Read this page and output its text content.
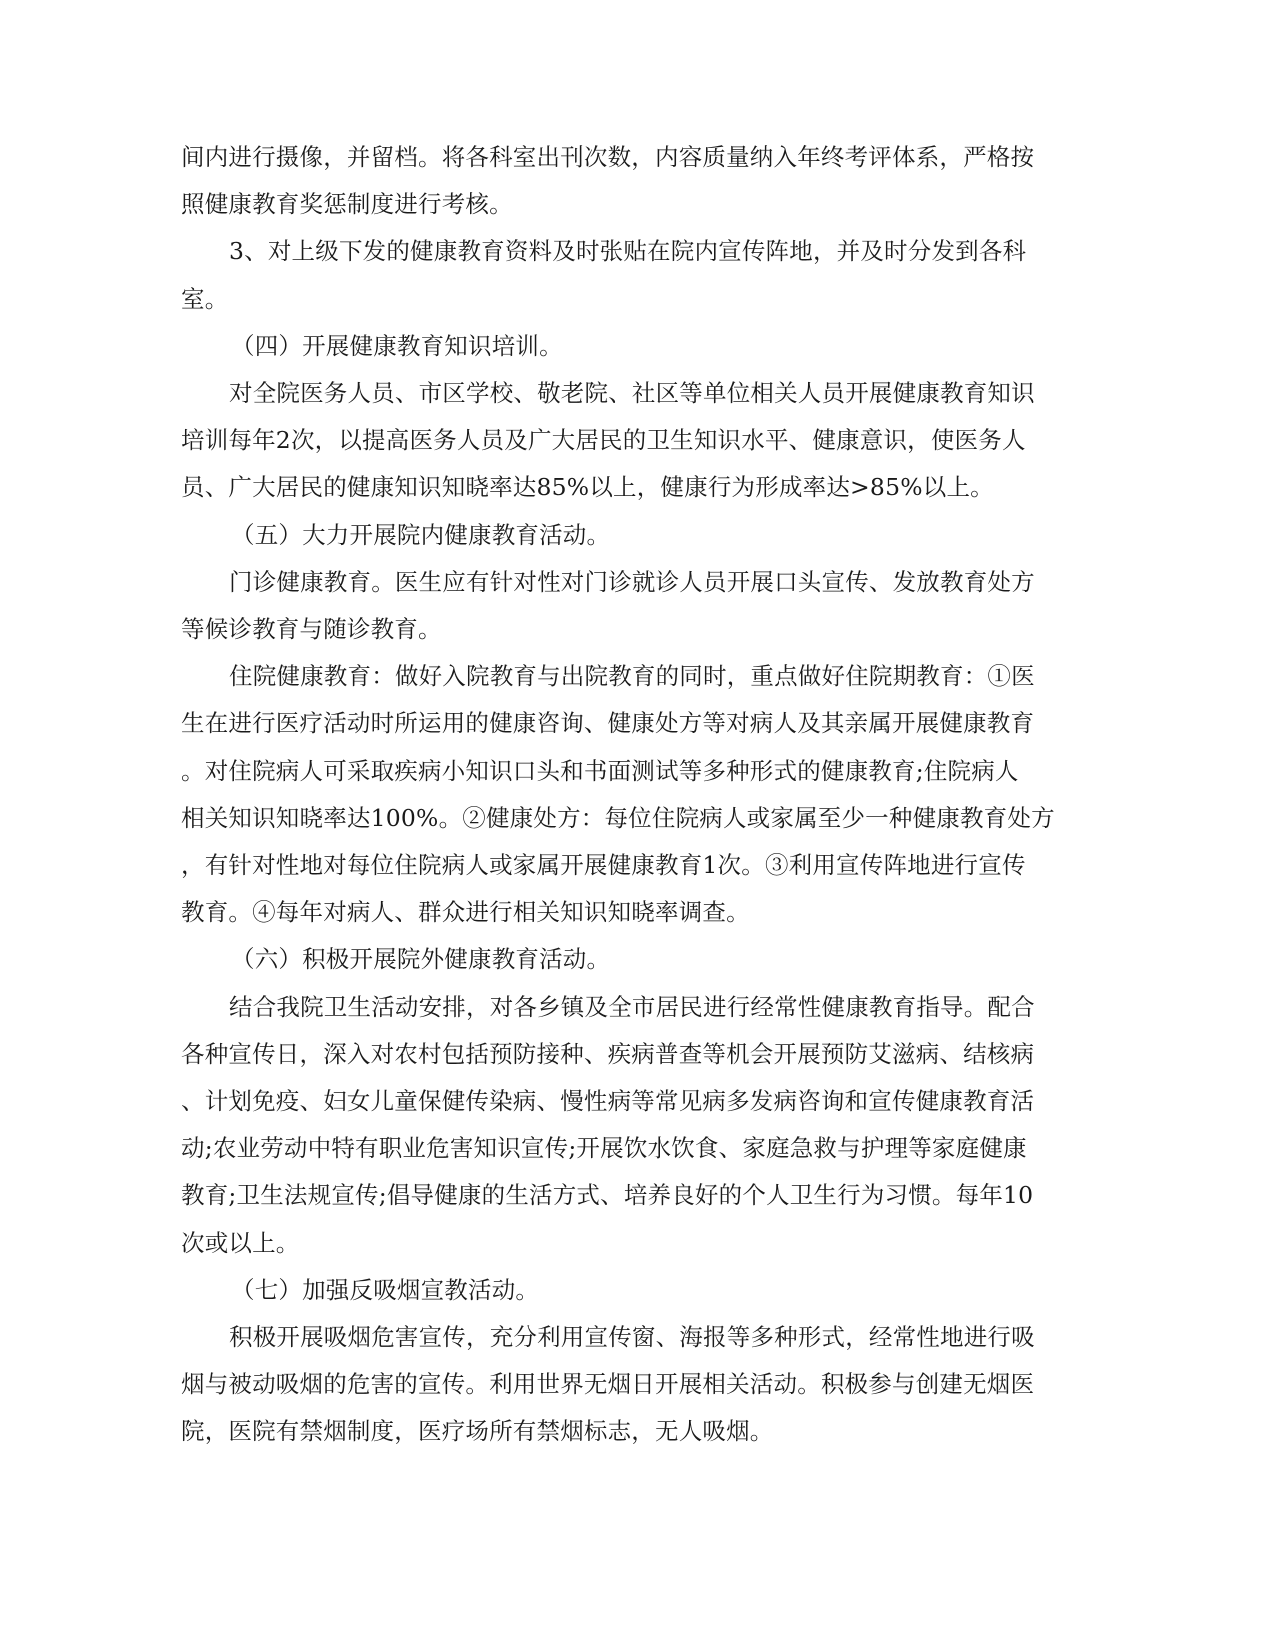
间内进行摄像，并留档。将各科室出刊次数，内容质量纳入年终考评体系，严格按

照健康教育奖惩制度进行考核。

3、对上级下发的健康教育资料及时张贴在院内宣传阵地，并及时分发到各科

室。

（四）开展健康教育知识培训。

对全院医务人员、市区学校、敬老院、社区等单位相关人员开展健康教育知识

培训每年2次，以提高医务人员及广大居民的卫生知识水平、健康意识，使医务人

员、广大居民的健康知识知晓率达85%以上，健康行为形成率达>85%以上。

（五）大力开展院内健康教育活动。

门诊健康教育。医生应有针对性对门诊就诊人员开展口头宣传、发放教育处方

等候诊教育与随诊教育。

住院健康教育：做好入院教育与出院教育的同时，重点做好住院期教育：①医

生在进行医疗活动时所运用的健康咨询、健康处方等对病人及其亲属开展健康教育

。对住院病人可采取疾病小知识口头和书面测试等多种形式的健康教育;住院病人

相关知识知晓率达100%。②健康处方：每位住院病人或家属至少一种健康教育处方

，有针对性地对每位住院病人或家属开展健康教育1次。③利用宣传阵地进行宣传

教育。④每年对病人、群众进行相关知识知晓率调查。

（六）积极开展院外健康教育活动。

结合我院卫生活动安排，对各乡镇及全市居民进行经常性健康教育指导。配合

各种宣传日，深入对农村包括预防接种、疾病普查等机会开展预防艾滋病、结核病

、计划免疫、妇女儿童保健传染病、慢性病等常见病多发病咨询和宣传健康教育活

动;农业劳动中特有职业危害知识宣传;开展饮水饮食、家庭急救与护理等家庭健康

教育;卫生法规宣传;倡导健康的生活方式、培养良好的个人卫生行为习惯。每年10

次或以上。

（七）加强反吸烟宣教活动。

积极开展吸烟危害宣传，充分利用宣传窗、海报等多种形式，经常性地进行吸

烟与被动吸烟的危害的宣传。利用世界无烟日开展相关活动。积极参与创建无烟医

院，医院有禁烟制度，医疗场所有禁烟标志，无人吸烟。
